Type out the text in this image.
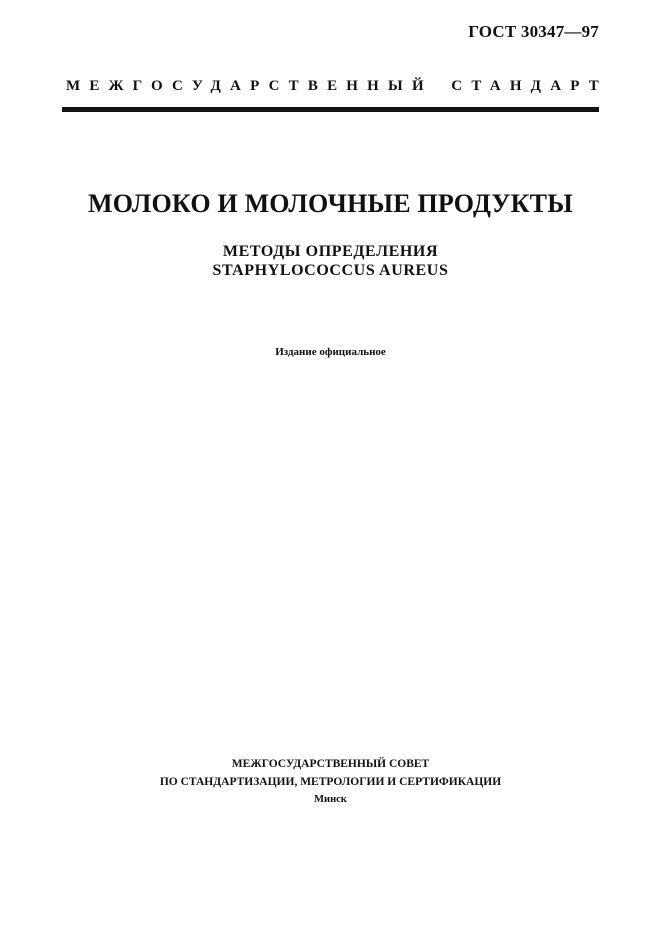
ГОСТ 30347—97
МЕЖГОСУДАРСТВЕННЫЙ СТАНДАРТ
МОЛОКО И МОЛОЧНЫЕ ПРОДУКТЫ
МЕТОДЫ ОПРЕДЕЛЕНИЯ
STAPHYLOCOCCUS AUREUS
Издание официальное
МЕЖГОСУДАРСТВЕННЫЙ СОВЕТ
ПО СТАНДАРТИЗАЦИИ, МЕТРОЛОГИИ И СЕРТИФИКАЦИИ
Минск
